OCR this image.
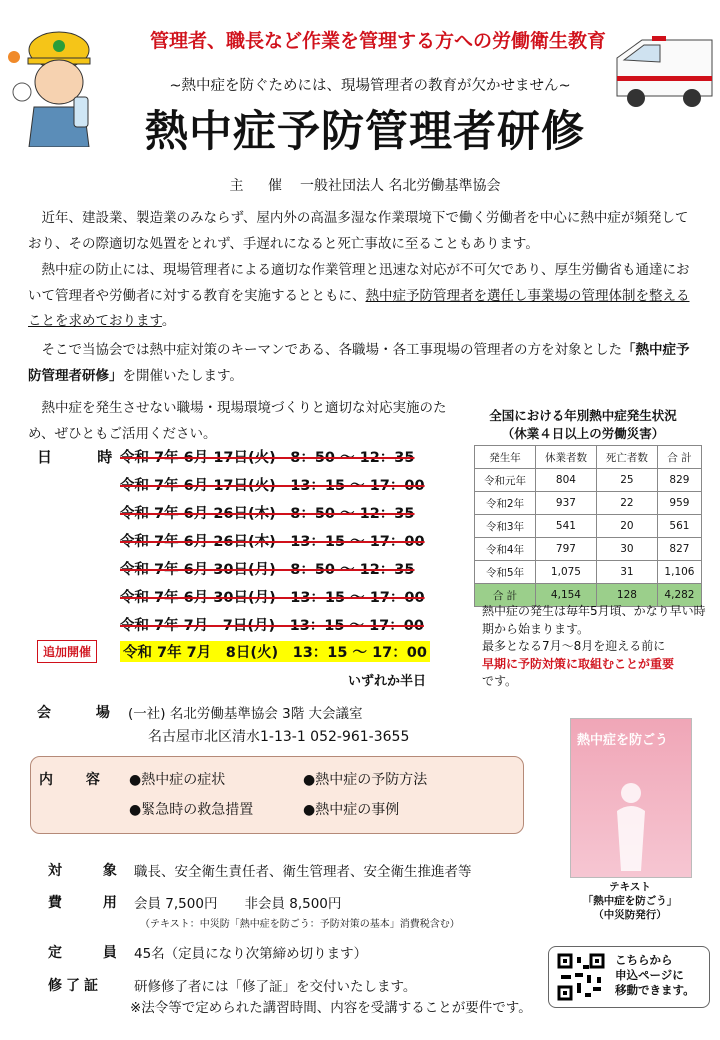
管理者、職長など作業を管理する方への労働衛生教育
~熱中症を防ぐためには、現場管理者の教育が欠かせません~
熱中症予防管理者研修
主 催 一般社団法人 名北労働基準協会

近年、建設業、製造業のみならず、屋内外の高温多湿な作業環境下で働く労働者を中心に熱中症が頻発しており、その際適切な処置をとれず、手遅れになると死亡事故に至ることもあります。

熱中症の防止には、現場管理者による適切な作業管理と迅速な対応が不可欠であり、厚生労働省も通達において管理者や労働者に対する教育を実施するとともに、熱中症予防管理者を選任し事業場の管理体制を整えることを求めております。

そこで当協会では熱中症対策のキーマンである、各職場・各工事現場の管理者の方を対象とした「熱中症予防管理者研修」を開催いたします。

熱中症を発生させない職場・現場環境づくりと適切な対応実施のため、ぜひともご活用ください。

日 時
令和 7年 6月 17日(火)　8：50 ～ 12：35
令和 7年 6月 17日(火)　13：15 ～ 17：00
令和 7年 6月 26日(木)　8：50 ～ 12：35
令和 7年 6月 26日(木)　13：15 ～ 17：00
令和 7年 6月 30日(月)　8：50 ～ 12：35
令和 7年 6月 30日(月)　13：15 ～ 17：00
令和 7年 7月　7日(月)　13：15 ～ 17：00
追加開催	令和 7年 7月　8日(火)　13：15 ～ 17：00
いずれか半日
会 場
(一社) 名北労働基準協会 3階 大会議室
名古屋市北区清水1-13-1 052-961-3655
内 容 ●熱中症の症状	●熱中症の予防方法
●緊急時の救急措置	●熱中症の事例
対 象 職長、安全衛生責任者、衛生管理者、安全衛生推進者等
費 用 会員 7,500円　　非会員 8,500円
（テキスト：中災防「熱中症を防ごう：予防対策の基本」消費税含む）
定 員 45名（定員になり次第締め切ります）
修了証 研修修了者には「修了証」を交付いたします。
※法令等で定められた講習時間、内容を受講することが要件です。
全国における年別熱中症発生状況
（休業４日以上の労働災害）
発生年	休業者数	死亡者数	合 計
令和元年	804	25	829
令和2年	937	22	959
令和3年	541	20	561
令和4年	797	30	827
令和5年	1,075	31	1,106
合 計	4,154	128	4,282
熱中症の発生は毎年5月頃、かなり早い時期から始まります。
最多となる7月～8月を迎える前に
早期に予防対策に取組むことが重要
です。
熱中症を防ごう
テキスト
「熱中症を防ごう」
（中災防発行）
こちらから
申込ページに
移動できます。
